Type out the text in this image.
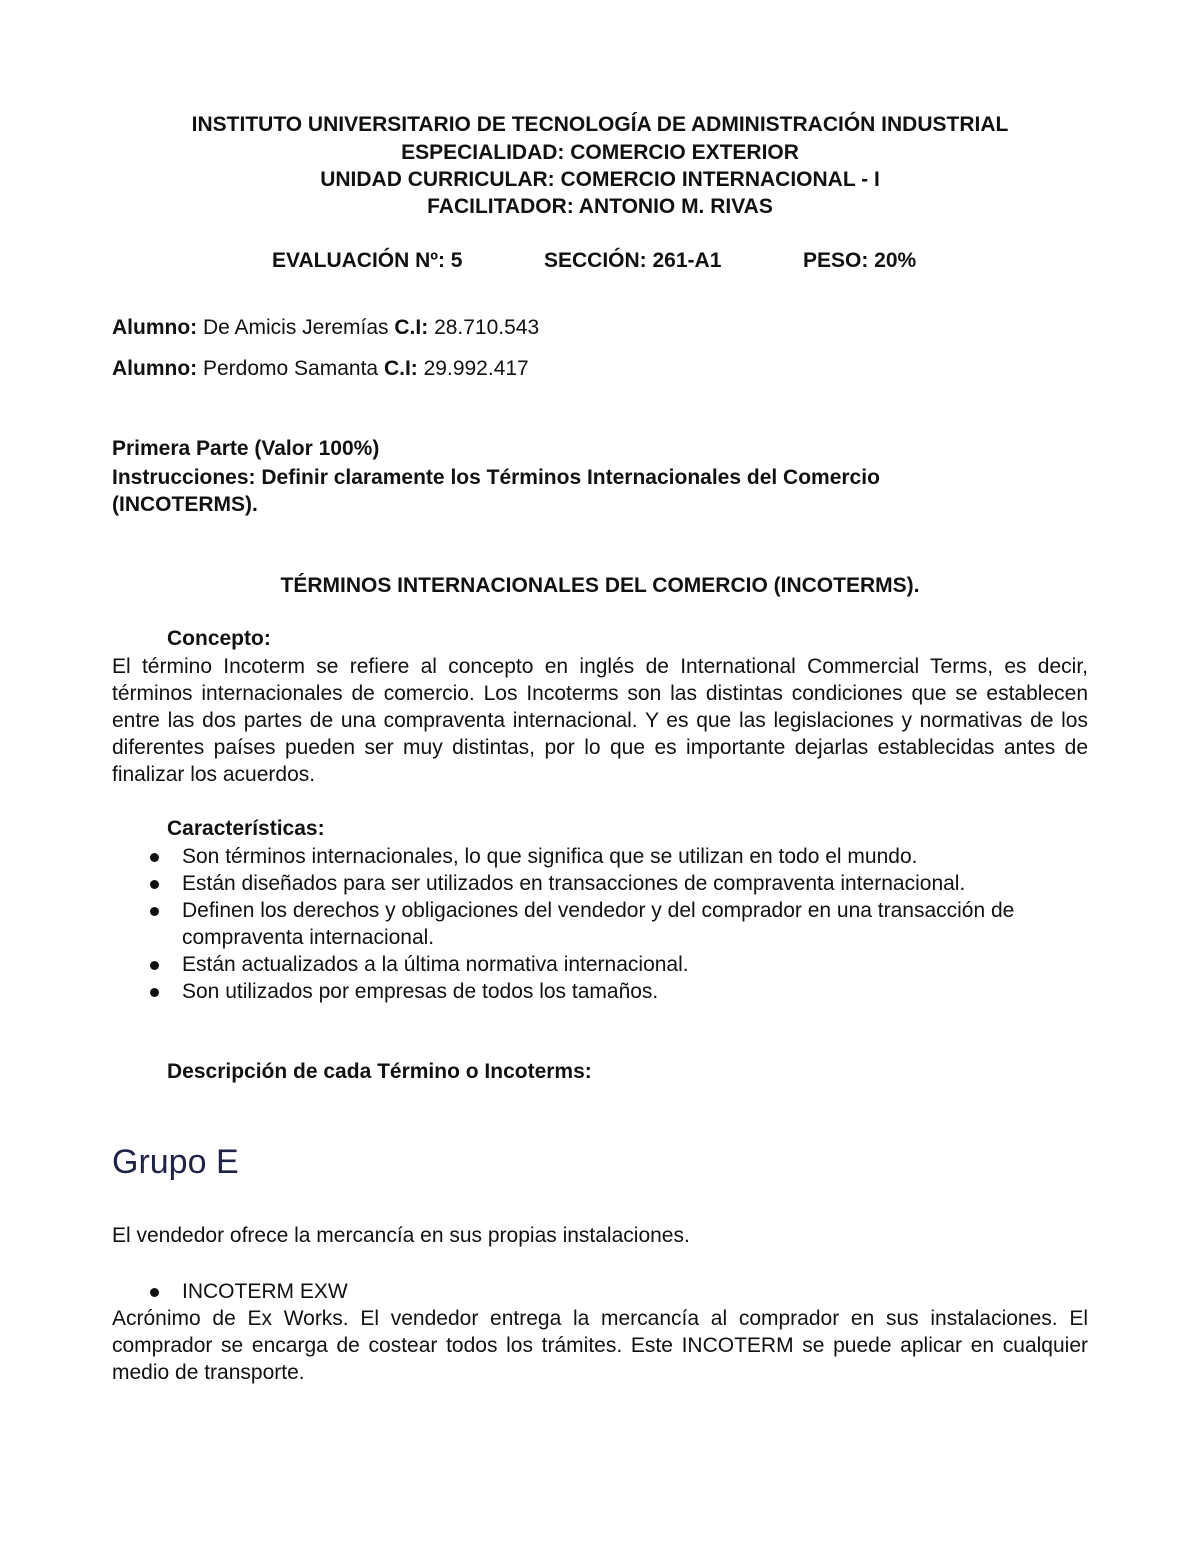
INSTITUTO UNIVERSITARIO DE TECNOLOGÍA DE ADMINISTRACIÓN INDUSTRIAL
ESPECIALIDAD: COMERCIO EXTERIOR
UNIDAD CURRICULAR: COMERCIO INTERNACIONAL - I
FACILITADOR: ANTONIO M. RIVAS
EVALUACIÓN Nº: 5	SECCIÓN: 261-A1	PESO: 20%
Alumno: De Amicis Jeremías C.I: 28.710.543
Alumno: Perdomo Samanta C.I: 29.992.417
Primera Parte (Valor 100%)
Instrucciones: Definir claramente los Términos Internacionales del Comercio
(INCOTERMS).
TÉRMINOS INTERNACIONALES DEL COMERCIO (INCOTERMS).
Concepto:
El término Incoterm se refiere al concepto en inglés de International Commercial Terms, es decir, términos internacionales de comercio. Los Incoterms son las distintas condiciones que se establecen entre las dos partes de una compraventa internacional. Y es que las legislaciones y normativas de los diferentes países pueden ser muy distintas, por lo que es importante dejarlas establecidas antes de finalizar los acuerdos.
Características:
Son términos internacionales, lo que significa que se utilizan en todo el mundo.
Están diseñados para ser utilizados en transacciones de compraventa internacional.
Definen los derechos y obligaciones del vendedor y del comprador en una transacción de compraventa internacional.
Están actualizados a la última normativa internacional.
Son utilizados por empresas de todos los tamaños.
Descripción de cada Término o Incoterms:
Grupo E
El vendedor ofrece la mercancía en sus propias instalaciones.
INCOTERM EXW
Acrónimo de Ex Works. El vendedor entrega la mercancía al comprador en sus instalaciones. El comprador se encarga de costear todos los trámites. Este INCOTERM se puede aplicar en cualquier medio de transporte.
